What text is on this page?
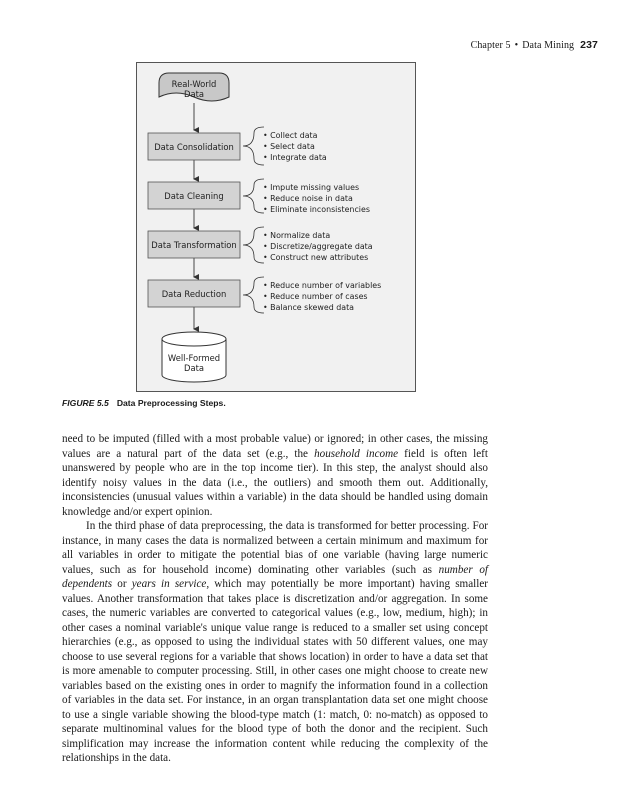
Chapter 5 • Data Mining 237
Real-World
Data
Data Consolidation
• Collect data
• Select data
• Integrate data
Data Cleaning
• Impute missing values
• Reduce noise in data
• Eliminate inconsistencies
Data Transformation
• Normalize data
• Discretize/aggregate data
• Construct new attributes
Data Reduction
• Reduce number of variables
• Reduce number of cases
• Balance skewed data
Well-Formed
Data
FIGURE 5.5 Data Preprocessing Steps.

need to be imputed (filled with a most probable value) or ignored; in other cases, the missing values are a natural part of the data set (e.g., the household income field is often left unanswered by people who are in the top income tier). In this step, the analyst should also identify noisy values in the data (i.e., the outliers) and smooth them out. Additionally, inconsistencies (unusual values within a variable) in the data should be handled using domain knowledge and/or expert opinion.

In the third phase of data preprocessing, the data is transformed for better processing. For instance, in many cases the data is normalized between a certain minimum and maximum for all variables in order to mitigate the potential bias of one variable (having large numeric values, such as for household income) dominating other variables (such as number of dependents or years in service, which may potentially be more important) having smaller values. Another transformation that takes place is discretization and/or aggregation. In some cases, the numeric variables are converted to categorical values (e.g., low, medium, high); in other cases a nominal variable's unique value range is reduced to a smaller set using concept hierarchies (e.g., as opposed to using the individual states with 50 different values, one may choose to use several regions for a variable that shows location) in order to have a data set that is more amenable to computer processing. Still, in other cases one might choose to create new variables based on the existing ones in order to magnify the information found in a collection of variables in the data set. For instance, in an organ transplantation data set one might choose to use a single variable showing the blood-type match (1: match, 0: no-match) as opposed to separate multinominal values for the blood type of both the donor and the recipient. Such simplification may increase the information content while reducing the complexity of the relationships in the data.
